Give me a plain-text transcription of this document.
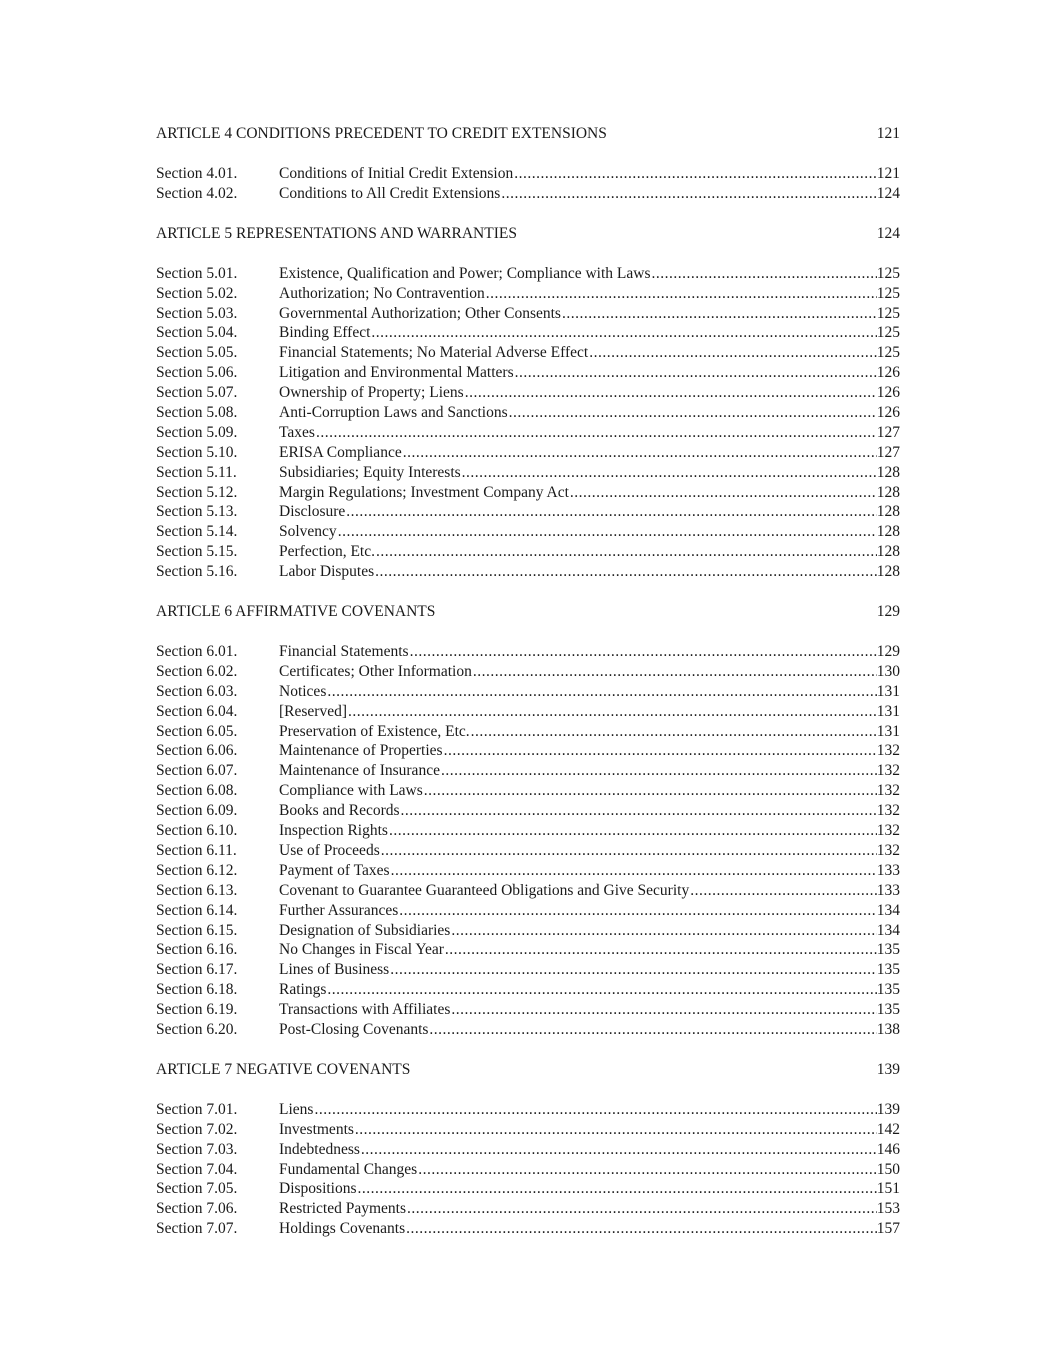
ARTICLE 4 CONDITIONS PRECEDENT TO CREDIT EXTENSIONS	121
Section 4.01.	Conditions of Initial Credit Extension .....	121
Section 4.02.	Conditions to All Credit Extensions .....	124
ARTICLE 5 REPRESENTATIONS AND WARRANTIES	124
Section 5.01.	Existence, Qualification and Power; Compliance with Laws .....	125
Section 5.02.	Authorization; No Contravention .....	125
Section 5.03.	Governmental Authorization; Other Consents .....	125
Section 5.04.	Binding Effect .....	125
Section 5.05.	Financial Statements; No Material Adverse Effect .....	125
Section 5.06.	Litigation and Environmental Matters .....	126
Section 5.07.	Ownership of Property; Liens .....	126
Section 5.08.	Anti-Corruption Laws and Sanctions .....	126
Section 5.09.	Taxes .....	127
Section 5.10.	ERISA Compliance .....	127
Section 5.11.	Subsidiaries; Equity Interests .....	128
Section 5.12.	Margin Regulations; Investment Company Act .....	128
Section 5.13.	Disclosure .....	128
Section 5.14.	Solvency .....	128
Section 5.15.	Perfection, Etc. .....	128
Section 5.16.	Labor Disputes .....	128
ARTICLE 6 AFFIRMATIVE COVENANTS	129
Section 6.01.	Financial Statements .....	129
Section 6.02.	Certificates; Other Information .....	130
Section 6.03.	Notices .....	131
Section 6.04.	[Reserved] .....	131
Section 6.05.	Preservation of Existence, Etc. .....	131
Section 6.06.	Maintenance of Properties .....	132
Section 6.07.	Maintenance of Insurance .....	132
Section 6.08.	Compliance with Laws .....	132
Section 6.09.	Books and Records .....	132
Section 6.10.	Inspection Rights .....	132
Section 6.11.	Use of Proceeds .....	132
Section 6.12.	Payment of Taxes .....	133
Section 6.13.	Covenant to Guarantee Guaranteed Obligations and Give Security .....	133
Section 6.14.	Further Assurances .....	134
Section 6.15.	Designation of Subsidiaries .....	134
Section 6.16.	No Changes in Fiscal Year .....	135
Section 6.17.	Lines of Business .....	135
Section 6.18.	Ratings .....	135
Section 6.19.	Transactions with Affiliates .....	135
Section 6.20.	Post-Closing Covenants .....	138
ARTICLE 7 NEGATIVE COVENANTS	139
Section 7.01.	Liens .....	139
Section 7.02.	Investments .....	142
Section 7.03.	Indebtedness .....	146
Section 7.04.	Fundamental Changes .....	150
Section 7.05.	Dispositions .....	151
Section 7.06.	Restricted Payments .....	153
Section 7.07.	Holdings Covenants .....	157
